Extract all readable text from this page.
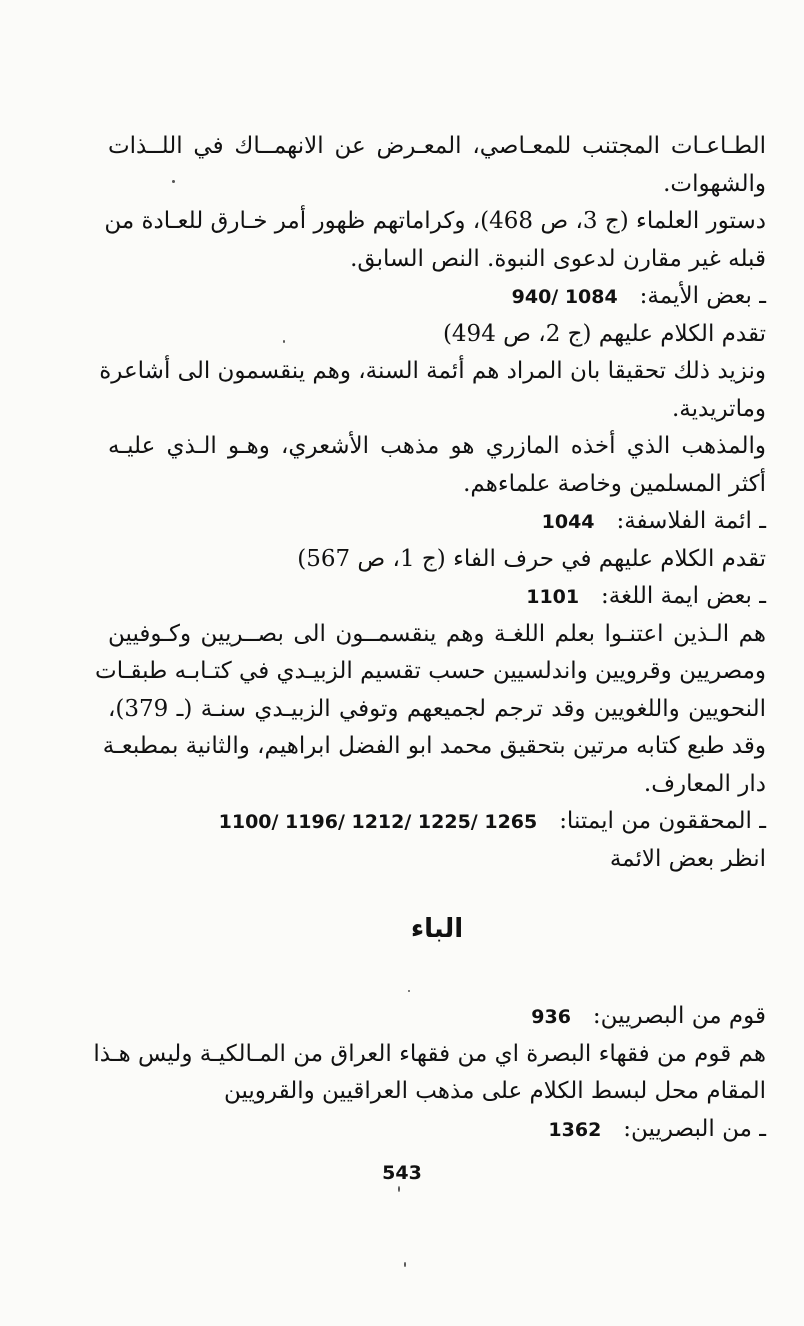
الطـاعـات المجتنب للمعـاصي، المعـرض عن الانهمــاك في اللــذات
والشهوات.
دستور العلماء (ج 3، ص 468)، وكراماتهم ظهور أمر خـارق للعـادة من
قبله غير مقارن لدعوى النبوة. النص السابق.
ـ بعض الأيمة:   940/ 1084
تقدم الكلام عليهم (ج 2، ص 494)
ونزيد ذلك تحقيقا بان المراد هم أئمة السنة، وهم ينقسمون الى أشاعرة
وماتريدية.
والمذهب الذي أخذه المازري هو مذهب الأشعري، وهـو الـذي عليـه
أكثر المسلمين وخاصة علماءهم.
ـ ائمة الفلاسفة:   1044
تقدم الكلام عليهم في حرف الفاء (ج 1، ص 567)
ـ بعض ايمة اللغة:   1101
هم الـذين اعتنـوا بعلم اللغـة وهم ينقسمــون الى بصــريين وكـوفيين
ومصريين وقرويين واندلسيين حسب تقسيم الزبيـدي في كتـابـه طبقـات
النحويين واللغويين وقد ترجم لجميعهم وتوفي الزبيـدي سنـة (ـ 379)،
وقد طبع كتابه مرتين بتحقيق محمد ابو الفضل ابراهيم، والثانية بمطبعـة
دار المعارف.
ـ المحققون من ايمتنا:   1100/ 1196/ 1212/ 1225/ 1265
انظر بعض الائمة
الباء
قوم من البصريين:   936
هم قوم من فقهاء البصرة اي من فقهاء العراق من المـالكيـة وليس هـذا
المقام محل لبسط الكلام على مذهب العراقيين والقرويين
ـ من البصريين:   1362
543
